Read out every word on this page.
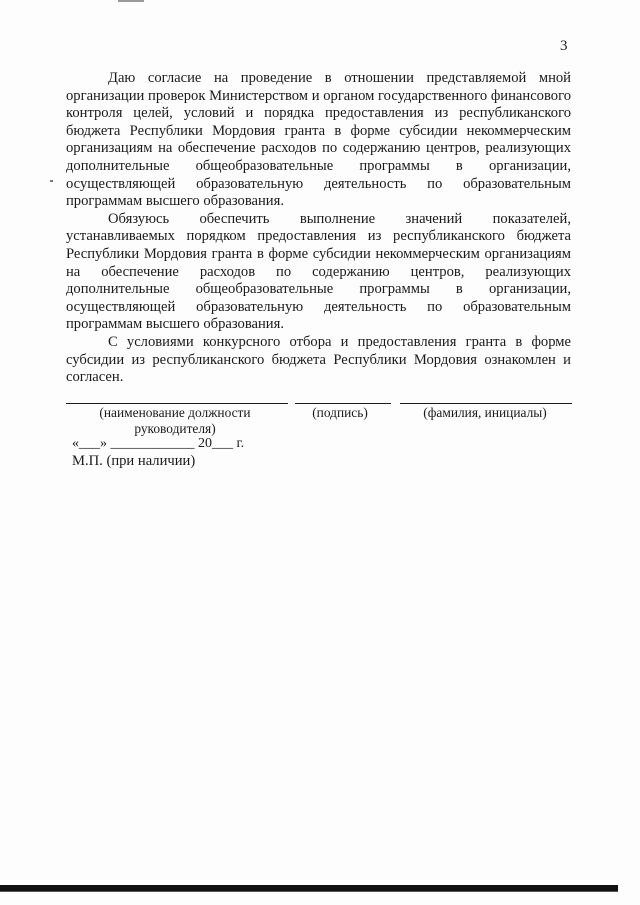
3

Даю согласие на проведение в отношении представляемой мной организации проверок Министерством и органом государственного финансового контроля целей, условий и порядка предоставления из республиканского бюджета Республики Мордовия гранта в форме субсидии некоммерческим организациям на обеспечение расходов по содержанию центров, реализующих дополнительные общеобразовательные программы в организации, осуществляющей образовательную деятельность по образовательным программам высшего образования.

Обязуюсь обеспечить выполнение значений показателей, устанавливаемых порядком предоставления из республиканского бюджета Республики Мордовия гранта в форме субсидии некоммерческим организациям на обеспечение расходов по содержанию центров, реализующих дополнительные общеобразовательные программы в организации, осуществляющей образовательную деятельность по образовательным программам высшего образования.

С условиями конкурсного отбора и предоставления гранта в форме субсидии из республиканского бюджета Республики Мордовия ознакомлен и согласен.

(наименование должности руководителя)
(подпись)	(фамилия, инициалы)
«___» ____________ 20___ г.
М.П. (при наличии)
